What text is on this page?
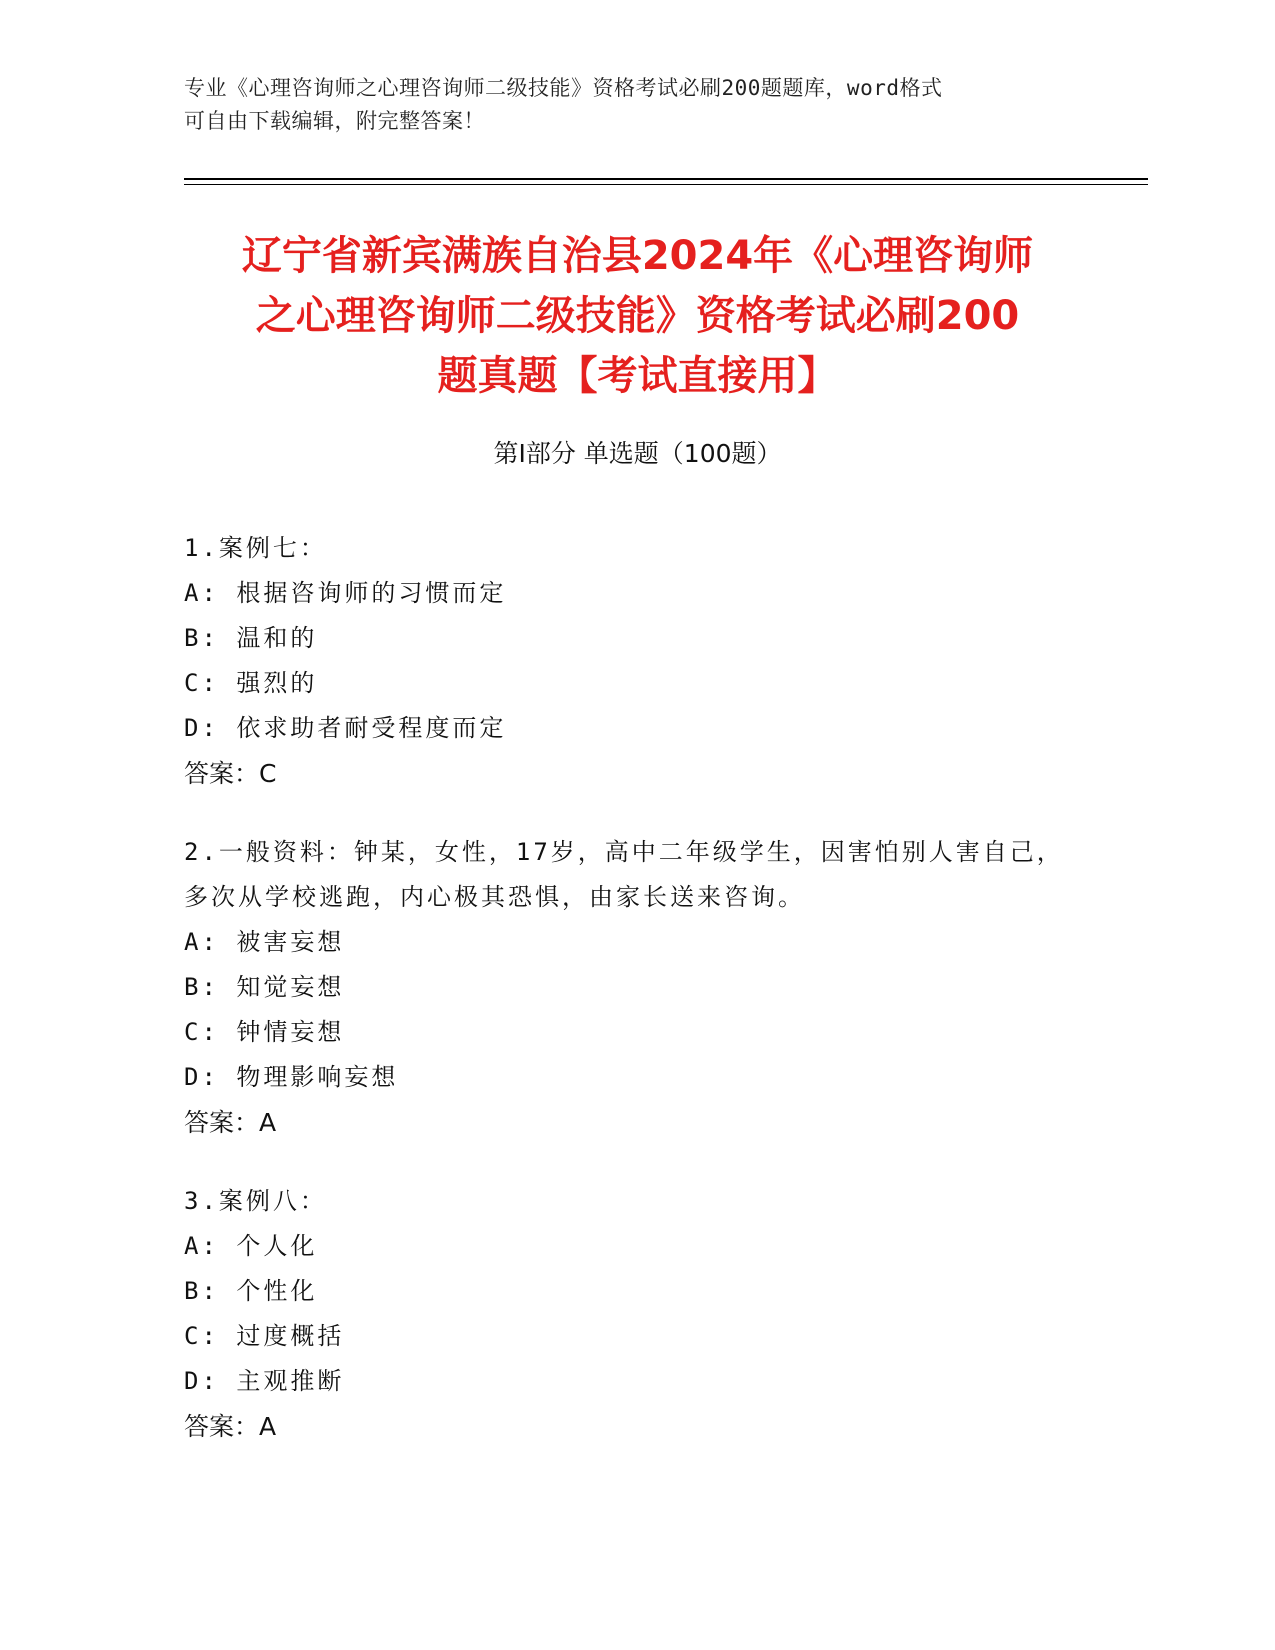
专业《心理咨询师之心理咨询师二级技能》资格考试必刷200题题库，word格式
可自由下载编辑，附完整答案！
辽宁省新宾满族自治县2024年《心理咨询师
之心理咨询师二级技能》资格考试必刷200
题真题【考试直接用】
第Ⅰ部分 单选题（100题）
1.案例七：
A: 根据咨询师的习惯而定
B: 温和的
C: 强烈的
D: 依求助者耐受程度而定
答案：C
2.一般资料：钟某，女性，17岁，高中二年级学生，因害怕别人害自己，多次从学校逃跑，内心极其恐惧，由家长送来咨询。
A: 被害妄想
B: 知觉妄想
C: 钟情妄想
D: 物理影响妄想
答案：A
3.案例八：
A: 个人化
B: 个性化
C: 过度概括
D: 主观推断
答案：A
